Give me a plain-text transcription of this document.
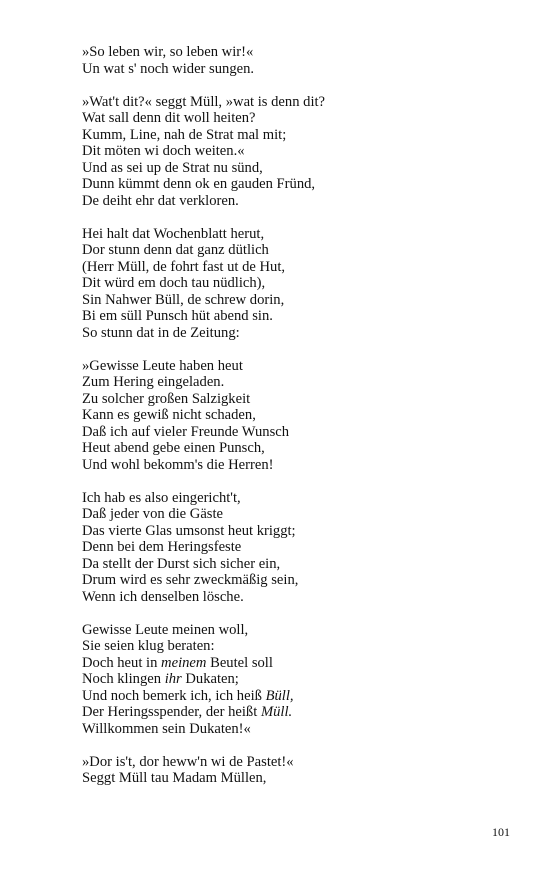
»So leben wir, so leben wir!«
Un wat s' noch wider sungen.
»Wat't dit?« seggt Müll, »wat is denn dit?
Wat sall denn dit woll heiten?
Kumm, Line, nah de Strat mal mit;
Dit möten wi doch weiten.«
Und as sei up de Strat nu sünd,
Dunn kümmt denn ok en gauden Fründ,
De deiht ehr dat verkloren.
Hei halt dat Wochenblatt herut,
Dor stunn denn dat ganz dütlich
(Herr Müll, de fohrt fast ut de Hut,
Dit würd em doch tau nüdlich),
Sin Nahwer Büll, de schrew dorin,
Bi em süll Punsch hüt abend sin.
So stunn dat in de Zeitung:
»Gewisse Leute haben heut
Zum Hering eingeladen.
Zu solcher großen Salzigkeit
Kann es gewiß nicht schaden,
Daß ich auf vieler Freunde Wunsch
Heut abend gebe einen Punsch,
Und wohl bekomm's die Herren!
Ich hab es also eingericht't,
Daß jeder von die Gäste
Das vierte Glas umsonst heut kriggt;
Denn bei dem Heringsfeste
Da stellt der Durst sich sicher ein,
Drum wird es sehr zweckmäßig sein,
Wenn ich denselben lösche.
Gewisse Leute meinen woll,
Sie seien klug beraten:
Doch heut in meinem Beutel soll
Noch klingen ihr Dukaten;
Und noch bemerk ich, ich heiß Büll,
Der Heringsspender, der heißt Müll.
Willkommen sein Dukaten!«
»Dor is't, dor heww'n wi de Pastet!«
Seggt Müll tau Madam Müllen,
101
